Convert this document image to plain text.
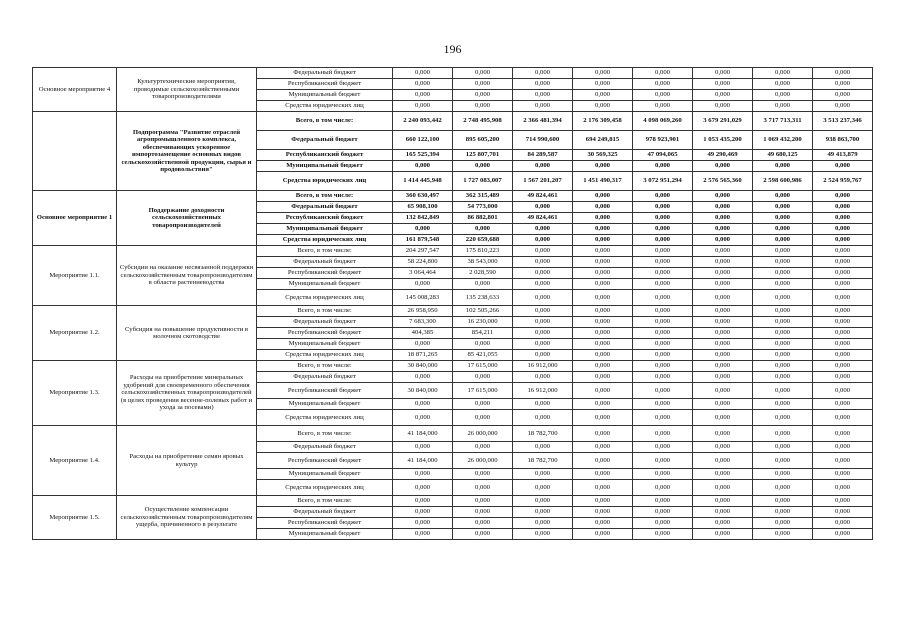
196
Основное мероприятие 4	Культуртехнические мероприятия, проводимые сельскохозяйственными товаропроизводителями	Федеральный бюджет	0,000	0,000	0,000	0,000	0,000	0,000	0,000	0,000
		Республиканский бюджет	0,000	0,000	0,000	0,000	0,000	0,000	0,000	0,000
		Муниципальный бюджет	0,000	0,000	0,000	0,000	0,000	0,000	0,000	0,000
		Средства юридических лиц	0,000	0,000	0,000	0,000	0,000	0,000	0,000	0,000
	Подпрограмма "Развитие отраслей агропромышленного комплекса, обеспечивающих ускоренное импортозамещение основных видов сельскохозяйственной продукции, сырья и продовольствия"	Всего, в том числе:	2 240 093,442	2 748 495,908	2 366 481,394	2 176 309,458	4 098 069,260	3 679 291,029	3 717 713,311	3 513 237,346
		Федеральный бюджет	660 122,100	895 605,200	714 990,600	694 249,815	978 923,901	1 053 435,200	1 069 432,200	938 863,700
		Республиканский бюджет	165 525,394	125 807,701	84 289,587	30 569,325	47 094,065	49 290,469	49 680,125	49 413,879
		Муниципальный бюджет	0,000	0,000	0,000	0,000	0,000	0,000	0,000	0,000
		Средства юридических лиц	1 414 445,948	1 727 083,007	1 567 201,207	1 451 490,317	3 072 951,294	2 576 565,360	2 598 600,986	2 524 959,767
Основное мероприятие 1	Поддержание доходности сельскохозяйственных товаропроизводителей	Всего, в том числе:	360 630,497	362 315,489	49 824,461	0,000	0,000	0,000	0,000	0,000
		Федеральный бюджет	65 908,100	54 773,000	0,000	0,000	0,000	0,000	0,000	0,000
		Республиканский бюджет	132 842,849	86 882,801	49 824,461	0,000	0,000	0,000	0,000	0,000
		Муниципальный бюджет	0,000	0,000	0,000	0,000	0,000	0,000	0,000	0,000
		Средства юридических лиц	161 879,548	220 659,688	0,000	0,000	0,000	0,000	0,000	0,000
Мероприятие 1.1.	Субсидии на оказание несвязанной поддержки сельскохозяйственным товаропроизводителям в области растениеводства	Всего, в том числе:	204 297,547	175 810,223	0,000	0,000	0,000	0,000	0,000	0,000
		Федеральный бюджет	58 224,800	38 543,000	0,000	0,000	0,000	0,000	0,000	0,000
		Республиканский бюджет	3 064,464	2 028,590	0,000	0,000	0,000	0,000	0,000	0,000
		Муниципальный бюджет	0,000	0,000	0,000	0,000	0,000	0,000	0,000	0,000
		Средства юридических лиц	145 008,283	135 238,633	0,000	0,000	0,000	0,000	0,000	0,000
Мероприятие 1.2.	Субсидия на повышение продуктивности в молочном скотоводстве	Всего, в том числе:	26 958,950	102 505,266	0,000	0,000	0,000	0,000	0,000	0,000
		Федеральный бюджет	7 683,300	16 230,000	0,000	0,000	0,000	0,000	0,000	0,000
		Республиканский бюджет	404,385	854,211	0,000	0,000	0,000	0,000	0,000	0,000
		Муниципальный бюджет	0,000	0,000	0,000	0,000	0,000	0,000	0,000	0,000
		Средства юридических лиц	18 871,265	85 421,055	0,000	0,000	0,000	0,000	0,000	0,000
Мероприятие 1.3.	Расходы на приобретение минеральных удобрений для своевременного обеспечения сельскохозяйственных товаропроизводителей (в целях проведения весенне-полевых работ и ухода за посевами)	Всего, в том числе:	30 840,000	17 615,000	16 912,000	0,000	0,000	0,000	0,000	0,000
		Федеральный бюджет	0,000	0,000	0,000	0,000	0,000	0,000	0,000	0,000
		Республиканский бюджет	30 840,000	17 615,000	16 912,000	0,000	0,000	0,000	0,000	0,000
		Муниципальный бюджет	0,000	0,000	0,000	0,000	0,000	0,000	0,000	0,000
		Средства юридических лиц	0,000	0,000	0,000	0,000	0,000	0,000	0,000	0,000
Мероприятие 1.4.	Расходы на приобретение семян яровых культур	Всего, в том числе:	41 184,000	26 000,000	18 782,700	0,000	0,000	0,000	0,000	0,000
		Федеральный бюджет	0,000	0,000	0,000	0,000	0,000	0,000	0,000	0,000
		Республиканский бюджет	41 184,000	26 000,000	18 782,700	0,000	0,000	0,000	0,000	0,000
		Муниципальный бюджет	0,000	0,000	0,000	0,000	0,000	0,000	0,000	0,000
		Средства юридических лиц	0,000	0,000	0,000	0,000	0,000	0,000	0,000	0,000
Мероприятие 1.5.	Осуществление компенсации сельскохозяйственным товаропроизводителям ущерба, причиненного в результате	Всего, в том числе:	0,000	0,000	0,000	0,000	0,000	0,000	0,000	0,000
		Федеральный бюджет	0,000	0,000	0,000	0,000	0,000	0,000	0,000	0,000
		Республиканский бюджет	0,000	0,000	0,000	0,000	0,000	0,000	0,000	0,000
		Муниципальный бюджет	0,000	0,000	0,000	0,000	0,000	0,000	0,000	0,000
